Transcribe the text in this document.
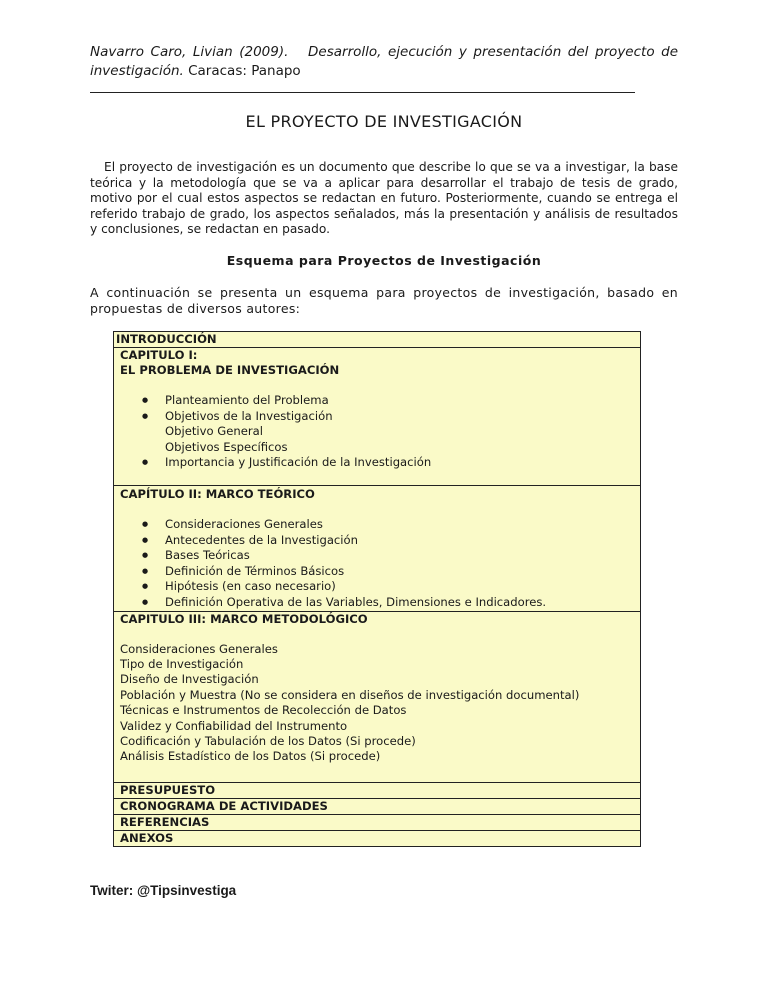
Navarro Caro, Livian (2009). Desarrollo, ejecución y presentación del proyecto de investigación. Caracas: Panapo
EL PROYECTO DE INVESTIGACIÓN

El proyecto de investigación es un documento que describe lo que se va a investigar, la base teórica y la metodología que se va a aplicar para desarrollar el trabajo de tesis de grado, motivo por el cual estos aspectos se redactan en futuro. Posteriormente, cuando se entrega el referido trabajo de grado, los aspectos señalados, más la presentación y análisis de resultados y conclusiones, se redactan en pasado.

Esquema para Proyectos de Investigación

A continuación se presenta un esquema para proyectos de investigación, basado en propuestas de diversos autores:

INTRODUCCIÓN
CAPITULO I:
EL PROBLEMA DE INVESTIGACIÓN
● Planteamiento del Problema
● Objetivos de la Investigación
Objetivo General
Objetivos Específicos
● Importancia y Justificación de la Investigación
CAPÍTULO II: MARCO TEÓRICO
● Consideraciones Generales
● Antecedentes de la Investigación
● Bases Teóricas
● Definición de Términos Básicos
● Hipótesis (en caso necesario)
● Definición Operativa de las Variables, Dimensiones e Indicadores.
CAPITULO III: MARCO METODOLÓGICO
Consideraciones Generales
Tipo de Investigación
Diseño de Investigación
Población y Muestra (No se considera en diseños de investigación documental)
Técnicas e Instrumentos de Recolección de Datos
Validez y Confiabilidad del Instrumento
Codificación y Tabulación de los Datos (Si procede)
Análisis Estadístico de los Datos (Si procede)
PRESUPUESTO
CRONOGRAMA DE ACTIVIDADES
REFERENCIAS
ANEXOS
Twiter: @Tipsinvestiga
